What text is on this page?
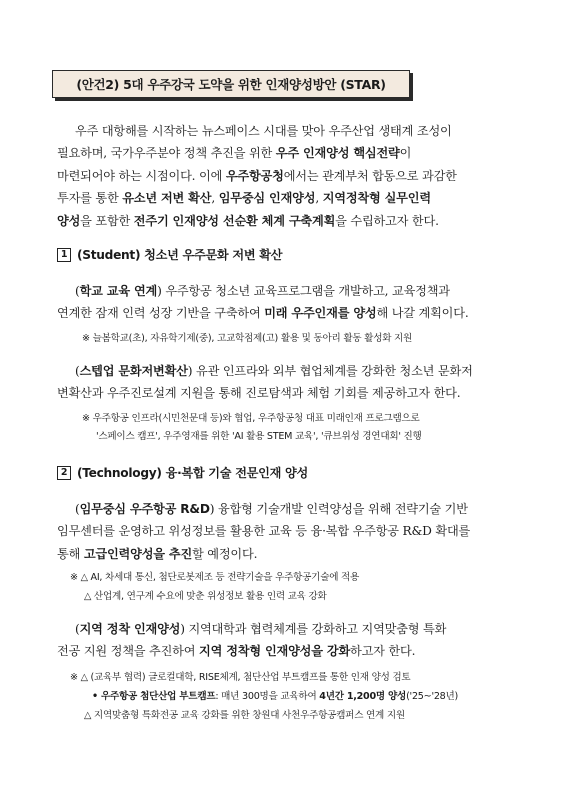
(안건2) 5대 우주강국 도약을 위한 인재양성방안 (STAR)
우주 대항해를 시작하는 뉴스페이스 시대를 맞아 우주산업 생태계 조성이
필요하며, 국가우주분야 정책 추진을 위한 우주 인재양성 핵심전략이
마련되어야 하는 시점이다. 이에 우주항공청에서는 관계부처 합동으로 과감한
투자를 통한 유소년 저변 확산, 임무중심 인재양성, 지역정착형 실무인력
양성을 포함한 전주기 인재양성 선순환 체계 구축계획을 수립하고자 한다.
1 (Student) 청소년 우주문화 저변 확산
(학교 교육 연계) 우주항공 청소년 교육프로그램을 개발하고, 교육정책과
연계한 잠재 인력 성장 기반을 구축하여 미래 우주인재를 양성해 나갈 계획이다.
※ 늘봄학교(초), 자유학기제(중), 고교학점제(고) 활용 및 동아리 활동 활성화 지원
(스텝업 문화저변확산) 유관 인프라와 외부 협업체계를 강화한 청소년 문화저
변확산과 우주진로설계 지원을 통해 진로탐색과 체험 기회를 제공하고자 한다.
※ 우주항공 인프라(시민천문대 등)와 협업, 우주항공청 대표 미래인재 프로그램으로
'스페이스 캠프', 우주영재를 위한 'AI 활용 STEM 교육', '큐브위성 경연대회' 진행
2 (Technology) 융·복합 기술 전문인재 양성
(임무중심 우주항공 R&D) 융합형 기술개발 인력양성을 위해 전략기술 기반
임무센터를 운영하고 위성정보를 활용한 교육 등 융·복합 우주항공 R&D 확대를
통해 고급인력양성을 추진할 예정이다.
※ △ AI, 차세대 통신, 첨단로봇제조 등 전략기술을 우주항공기술에 적용
△ 산업계, 연구계 수요에 맞춘 위성정보 활용 인력 교육 강화
(지역 정착 인재양성) 지역대학과 협력체계를 강화하고 지역맞춤형 특화
전공 지원 정책을 추진하여 지역 정착형 인재양성을 강화하고자 한다.
※ △ (교육부 협력) 글로컬대학, RISE체계, 첨단산업 부트캠프를 통한 인재 양성 검토
• 우주항공 첨단산업 부트캠프: 매년 300명을 교육하여 4년간 1,200명 양성('25~'28년)
△ 지역맞춤형 특화전공 교육 강화를 위한 창원대 사천우주항공캠퍼스 연계 지원
